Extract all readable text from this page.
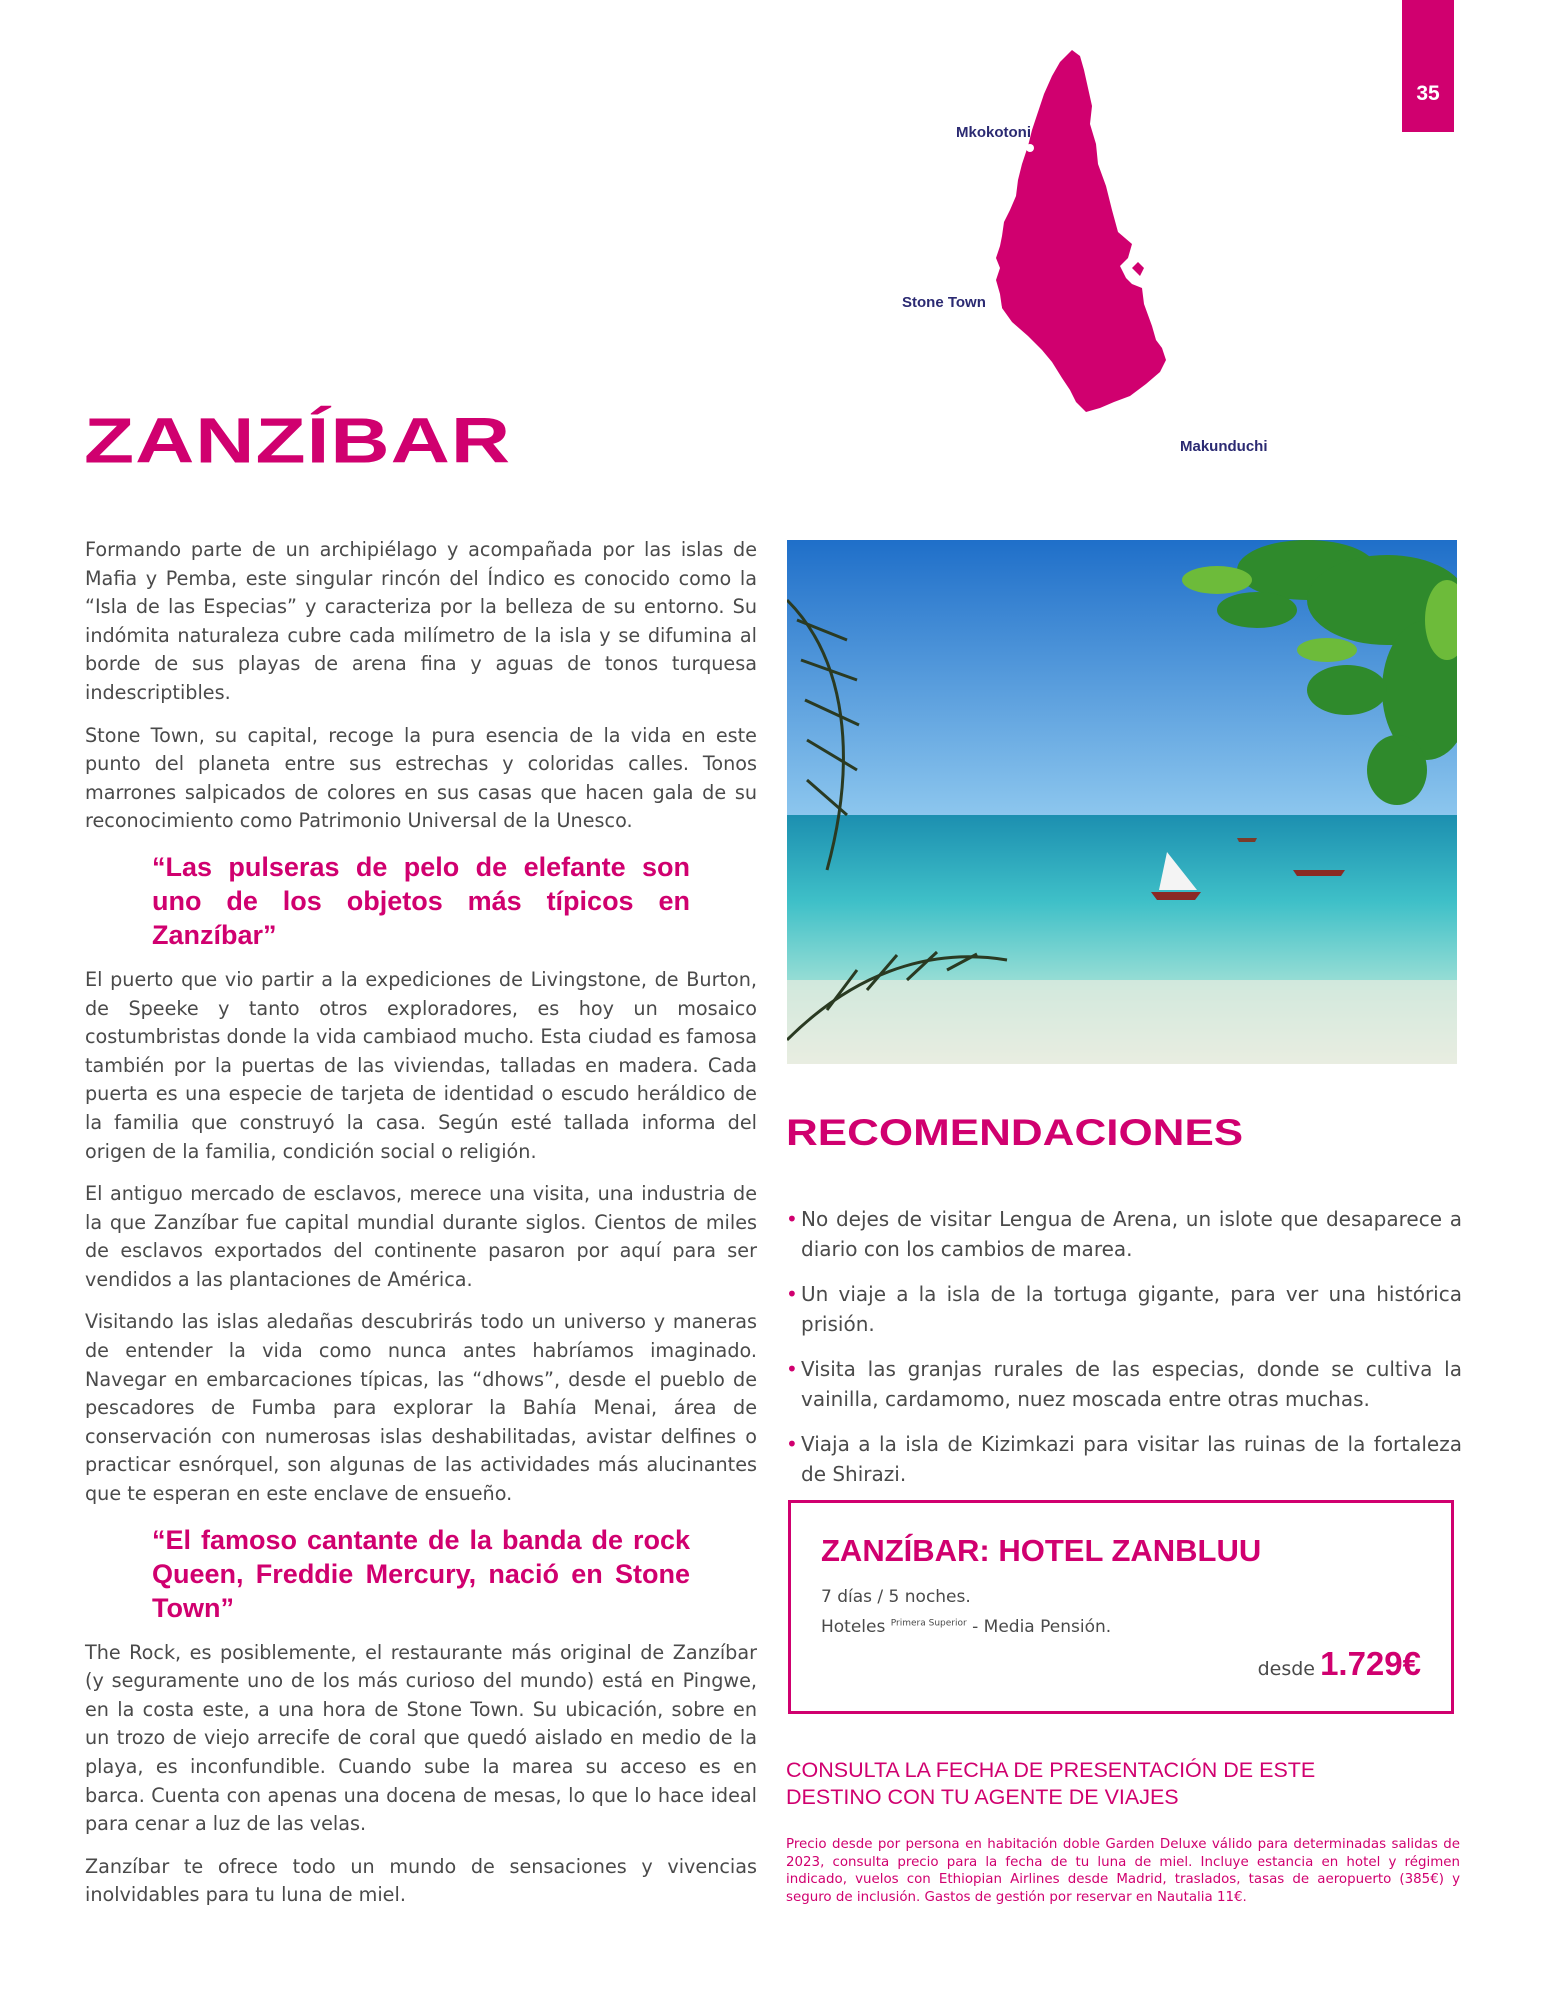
35
Mkokotoni
Stone Town
Makunduchi
ZANZÍBAR

Formando parte de un archipiélago y acompañada por las islas de Mafia y Pemba, este singular rincón del Índico es conocido como la “Isla de las Especias” y caracteriza por la belleza de su entorno. Su indómita naturaleza cubre cada milímetro de la isla y se difumina al borde de sus playas de arena fina y aguas de tonos turquesa indescriptibles.

Stone Town, su capital, recoge la pura esencia de la vida en este punto del planeta entre sus estrechas y coloridas calles. Tonos marrones salpicados de colores en sus casas que hacen gala de su reconocimiento como Patrimonio Universal de la Unesco.

“Las pulseras de pelo de elefante son uno de los objetos más típicos en Zanzíbar”

El puerto que vio partir a la expediciones de Livingstone, de Burton, de Speeke y tanto otros exploradores, es hoy un mosaico costumbristas donde la vida cambiaod mucho. Esta ciudad es famosa también por la puertas de las viviendas, talladas en madera. Cada puerta es una especie de tarjeta de identidad o escudo heráldico de la familia que construyó la casa. Según esté tallada informa del origen de la familia, condición social o religión.

El antiguo mercado de esclavos, merece una visita, una industria de la que Zanzíbar fue capital mundial durante siglos. Cientos de miles de esclavos exportados del continente pasaron por aquí para ser vendidos a las plantaciones de América.

Visitando las islas aledañas descubrirás todo un universo y maneras de entender la vida como nunca antes habríamos imaginado. Navegar en embarcaciones típicas, las “dhows”, desde el pueblo de pescadores de Fumba para explorar la Bahía Menai, área de conservación con numerosas islas deshabilitadas, avistar delfines o practicar esnórquel, son algunas de las actividades más alucinantes que te esperan en este enclave de ensueño.

“El famoso cantante de la banda de rock Queen, Freddie Mercury, nació en Stone Town”

The Rock, es posiblemente, el restaurante más original de Zanzíbar (y seguramente uno de los más curioso del mundo) está en Pingwe, en la costa este, a una hora de Stone Town. Su ubicación, sobre en un trozo de viejo arrecife de coral que quedó aislado en medio de la playa, es inconfundible. Cuando sube la marea su acceso es en barca. Cuenta con apenas una docena de mesas, lo que lo hace ideal para cenar a luz de las velas.

Zanzíbar te ofrece todo un mundo de sensaciones y vivencias inolvidables para tu luna de miel.

RECOMENDACIONES
• No dejes de visitar Lengua de Arena, un islote que desaparece a diario con los cambios de marea.
• Un viaje a la isla de la tortuga gigante, para ver una histórica prisión.
• Visita las granjas rurales de las especias, donde se cultiva la vainilla, cardamomo, nuez moscada entre otras muchas.
• Viaja a la isla de Kizimkazi para visitar las ruinas de la fortaleza de Shirazi.
ZANZÍBAR: HOTEL ZANBLUU
7 días / 5 noches.
Hoteles $^{Primera Superior}$ - Media Pensión.
desde 1.729€
CONSULTA LA FECHA DE PRESENTACIÓN DE ESTE DESTINO CON TU AGENTE DE VIAJES
Precio desde por persona en habitación doble Garden Deluxe válido para determinadas salidas de 2023, consulta precio para la fecha de tu luna de miel. Incluye estancia en hotel y régimen indicado, vuelos con Ethiopian Airlines desde Madrid, traslados, tasas de aeropuerto (385€) y seguro de inclusión. Gastos de gestión por reservar en Nautalia 11€.
